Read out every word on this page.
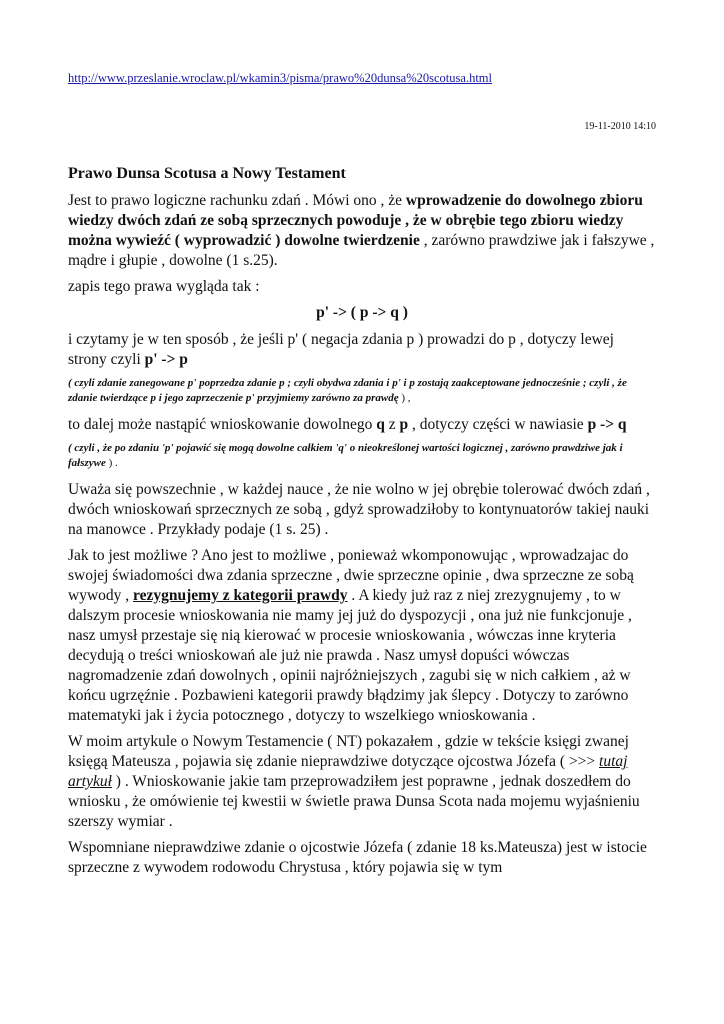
http://www.przeslanie.wroclaw.pl/wkamin3/pisma/prawo%20dunsa%20scotusa.html
19-11-2010 14:10
Prawo Dunsa Scotusa a Nowy Testament

Jest to prawo logiczne rachunku zdań . Mówi ono , że wprowadzenie do dowolnego zbioru wiedzy dwóch zdań ze sobą sprzecznych powoduje , że w obrębie tego zbioru wiedzy można wywieźć ( wyprowadzić ) dowolne twierdzenie , zarówno prawdziwe jak i fałszywe , mądre i głupie , dowolne (1 s.25).

zapis tego prawa wygląda tak :

p' -> ( p -> q )

i czytamy je w ten sposób , że jeśli p' ( negacja zdania p ) prowadzi do p , dotyczy lewej strony czyli p' -> p

( czyli zdanie zanegowane p' poprzedza zdanie p ; czyli obydwa zdania i p' i p zostają zaakceptowane jednocześnie ; czyli , że zdanie twierdzące p i jego zaprzeczenie p' przyjmiemy zarówno za prawdę ) ,

to dalej może nastąpić wnioskowanie dowolnego q z p , dotyczy części w nawiasie p -> q

( czyli , że po zdaniu 'p' pojawić się mogą dowolne całkiem 'q' o nieokreślonej wartości logicznej , zarówno prawdziwe jak i fałszywe ) .

Uważa się powszechnie , w każdej nauce , że nie wolno w jej obrębie tolerować dwóch zdań , dwóch wnioskowań sprzecznych ze sobą , gdyż sprowadziłoby to kontynuatorów takiej nauki na manowce . Przykłady podaje (1 s. 25) .

Jak to jest możliwe ? Ano jest to możliwe , ponieważ wkomponowując , wprowadzajac do swojej świadomości dwa zdania sprzeczne , dwie sprzeczne opinie , dwa sprzeczne ze sobą wywody , rezygnujemy z kategorii prawdy . A kiedy już raz z niej zrezygnujemy , to w dalszym procesie wnioskowania nie mamy jej już do dyspozycji , ona już nie funkcjonuje , nasz umysł przestaje się nią kierować w procesie wnioskowania , wówczas inne kryteria decydują o treści wnioskowań ale już nie prawda . Nasz umysł dopuści wówczas nagromadzenie zdań dowolnych , opinii najróżniejszych , zagubi się w nich całkiem , aż w końcu ugrzęźnie . Pozbawieni kategorii prawdy błądzimy jak ślepcy . Dotyczy to zarówno matematyki jak i życia potocznego , dotyczy to wszelkiego wnioskowania .

W moim artykule o Nowym Testamencie ( NT) pokazałem , gdzie w tekście księgi zwanej księgą Mateusza , pojawia się zdanie nieprawdziwe dotyczące ojcostwa Józefa ( >>> tutaj artykuł ) . Wnioskowanie jakie tam przeprowadziłem jest poprawne , jednak doszedłem do wniosku , że omówienie tej kwestii w świetle prawa Dunsa Scota nada mojemu wyjaśnieniu szerszy wymiar .

Wspomniane nieprawdziwe zdanie o ojcostwie Józefa ( zdanie 18 ks.Mateusza) jest w istocie sprzeczne z wywodem rodowodu Chrystusa , który pojawia się w tym
